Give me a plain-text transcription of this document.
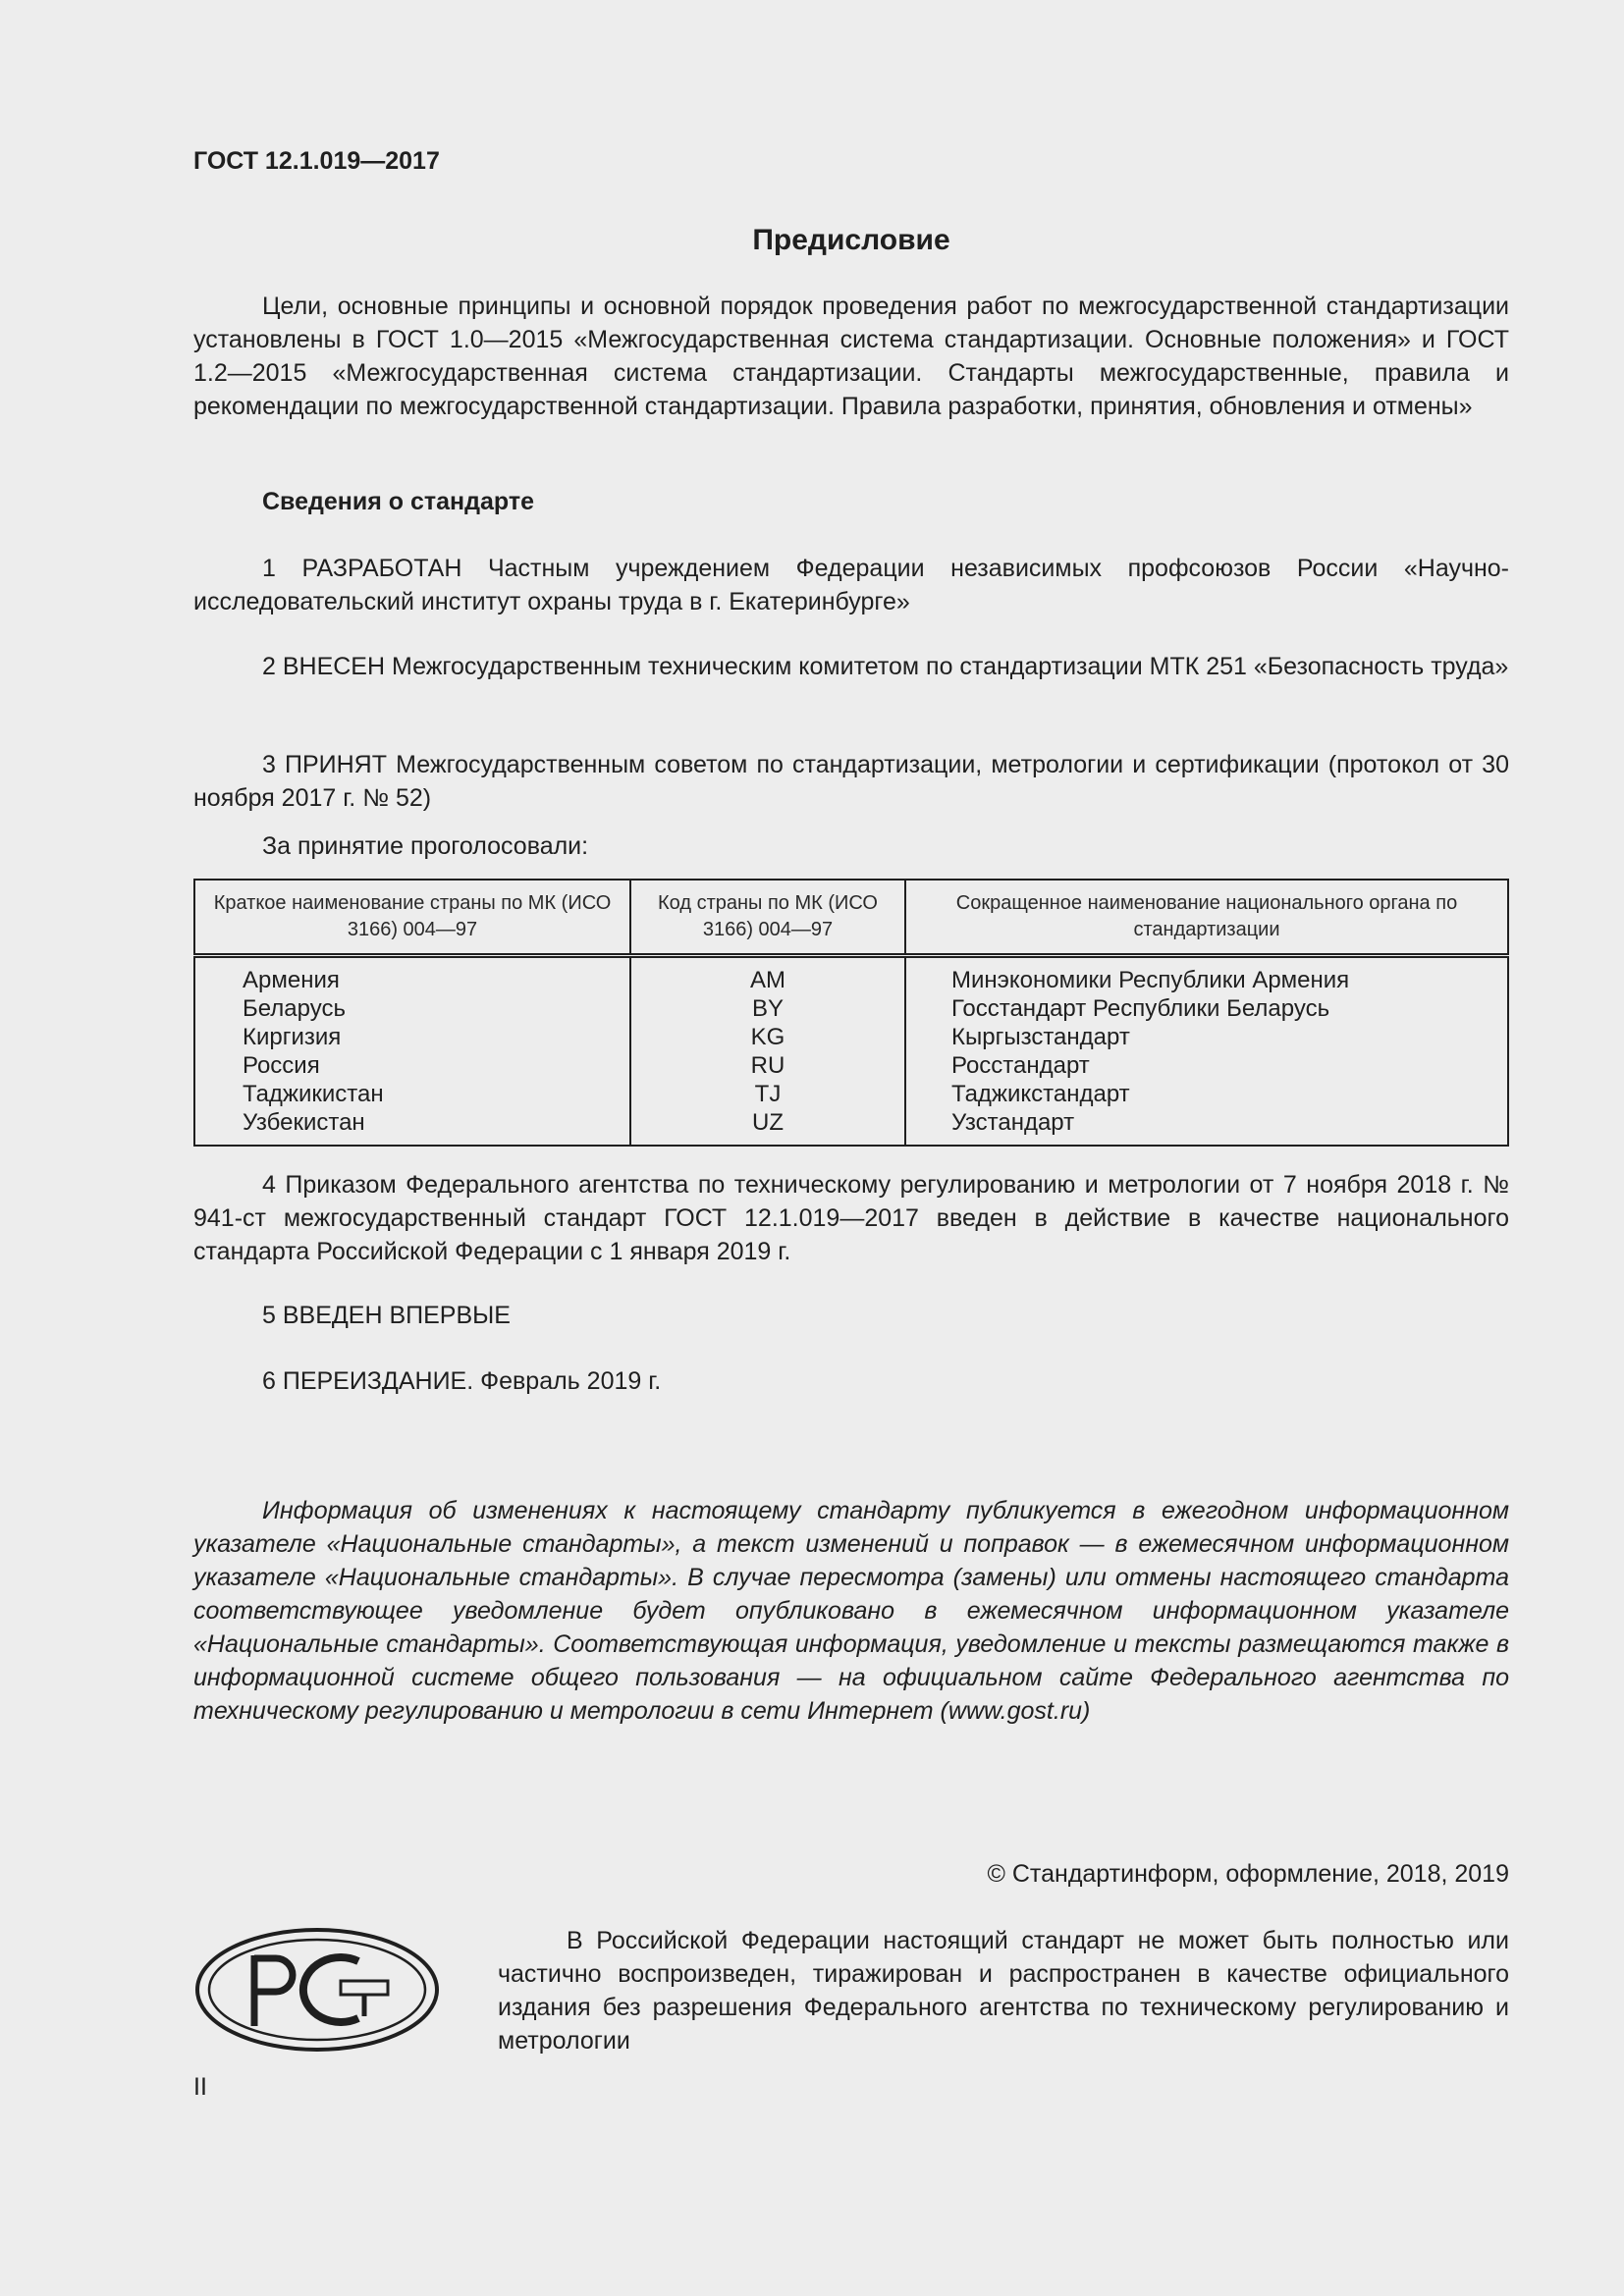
ГОСТ 12.1.019—2017
Предисловие

Цели, основные принципы и основной порядок проведения работ по межгосударственной стандартизации установлены в ГОСТ 1.0—2015 «Межгосударственная система стандартизации. Основные положения» и ГОСТ 1.2—2015 «Межгосударственная система стандартизации. Стандарты межгосударственные, правила и рекомендации по межгосударственной стандартизации. Правила разработки, принятия, обновления и отмены»

Сведения о стандарте

1 РАЗРАБОТАН Частным учреждением Федерации независимых профсоюзов России «Научно-исследовательский институт охраны труда в г. Екатеринбурге»

2 ВНЕСЕН Межгосударственным техническим комитетом по стандартизации МТК 251 «Безопасность труда»

3 ПРИНЯТ Межгосударственным советом по стандартизации, метрологии и сертификации (протокол от 30 ноября 2017 г. № 52)

За принятие проголосовали:

Краткое наименование страны по МК (ИСО 3166) 004—97	Код страны по МК (ИСО 3166) 004—97	Сокращенное наименование национального органа по стандартизации
Армения	AM	Минэкономики Республики Армения
Беларусь	BY	Госстандарт Республики Беларусь
Киргизия	KG	Кыргызстандарт
Россия	RU	Росстандарт
Таджикистан	TJ	Таджикстандарт
Узбекистан	UZ	Узстандарт

4 Приказом Федерального агентства по техническому регулированию и метрологии от 7 ноября 2018 г. № 941-ст межгосударственный стандарт ГОСТ 12.1.019—2017 введен в действие в качестве национального стандарта Российской Федерации с 1 января 2019 г.

5 ВВЕДЕН ВПЕРВЫЕ

6 ПЕРЕИЗДАНИЕ. Февраль 2019 г.

Информация об изменениях к настоящему стандарту публикуется в ежегодном информационном указателе «Национальные стандарты», а текст изменений и поправок — в ежемесячном информационном указателе «Национальные стандарты». В случае пересмотра (замены) или отмены настоящего стандарта соответствующее уведомление будет опубликовано в ежемесячном информационном указателе «Национальные стандарты». Соответствующая информация, уведомление и тексты размещаются также в информационной системе общего пользования — на официальном сайте Федерального агентства по техническому регулированию и метрологии в сети Интернет (www.gost.ru)

© Стандартинформ, оформление, 2018, 2019

В Российской Федерации настоящий стандарт не может быть полностью или частично воспроизведен, тиражирован и распространен в качестве официального издания без разрешения Федерального агентства по техническому регулированию и метрологии

II
